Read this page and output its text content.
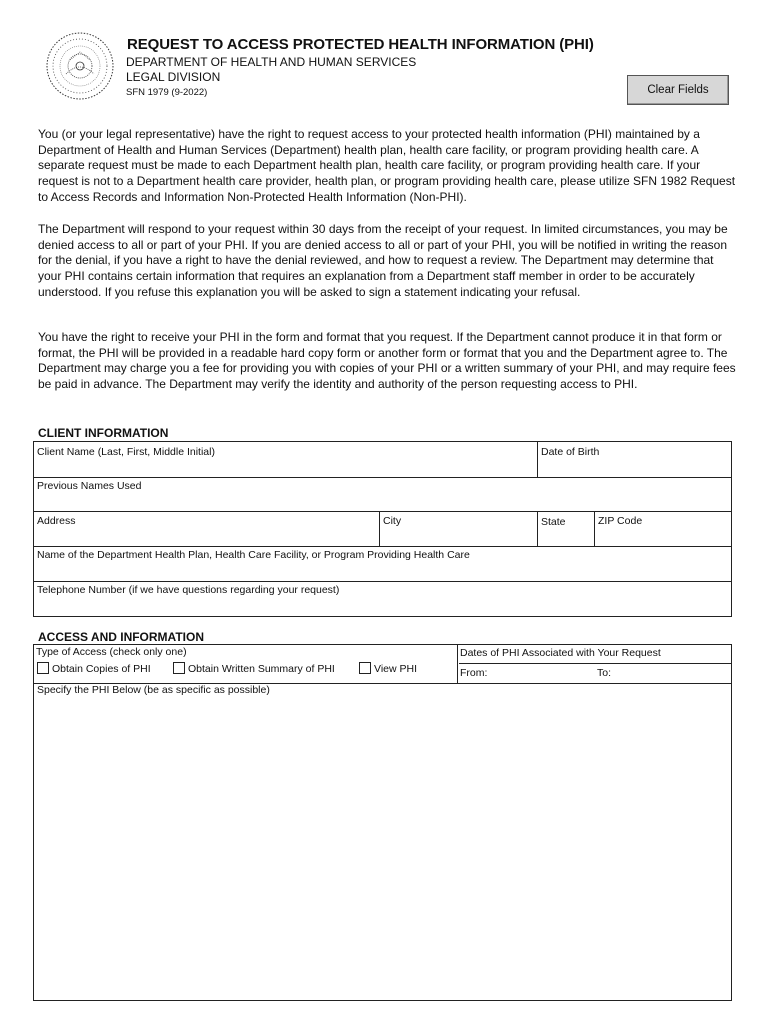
REQUEST TO ACCESS PROTECTED HEALTH INFORMATION (PHI)
DEPARTMENT OF HEALTH AND HUMAN SERVICES
LEGAL DIVISION
SFN 1979 (9-2022)	Clear Fields
You (or your legal representative) have the right to request access to your protected health information (PHI) maintained by a Department of Health and Human Services (Department) health plan, health care facility, or program providing health care. A separate request must be made to each Department health plan, health care facility, or program providing health care. If your request is not to a Department health care provider, health plan, or program providing health care, please utilize SFN 1982 Request to Access Records and Information Non-Protected Health Information (Non-PHI).
The Department will respond to your request within 30 days from the receipt of your request. In limited circumstances, you may be denied access to all or part of your PHI. If you are denied access to all or part of your PHI, you will be notified in writing the reason for the denial, if you have a right to have the denial reviewed, and how to request a review. The Department may determine that your PHI contains certain information that requires an explanation from a Department staff member in order to be accurately understood. If you refuse this explanation you will be asked to sign a statement indicating your refusal.
You have the right to receive your PHI in the form and format that you request. If the Department cannot produce it in that form or format, the PHI will be provided in a readable hard copy form or another form or format that you and the Department agree to. The Department may charge you a fee for providing you with copies of your PHI or a written summary of your PHI, and may require fees be paid in advance. The Department may verify the identity and authority of the person requesting access to PHI.
CLIENT INFORMATION
Client Name (Last, First, Middle Initial)	Date of Birth
Previous Names Used
Address	City	State	ZIP Code
Name of the Department Health Plan, Health Care Facility, or Program Providing Health Care
Telephone Number (if we have questions regarding your request)
ACCESS AND INFORMATION
Type of Access (check only one)
Obtain Copies of PHI	Obtain Written Summary of PHI	View PHI
Dates of PHI Associated with Your Request
From:	To:
Specify the PHI Below (be as specific as possible)
